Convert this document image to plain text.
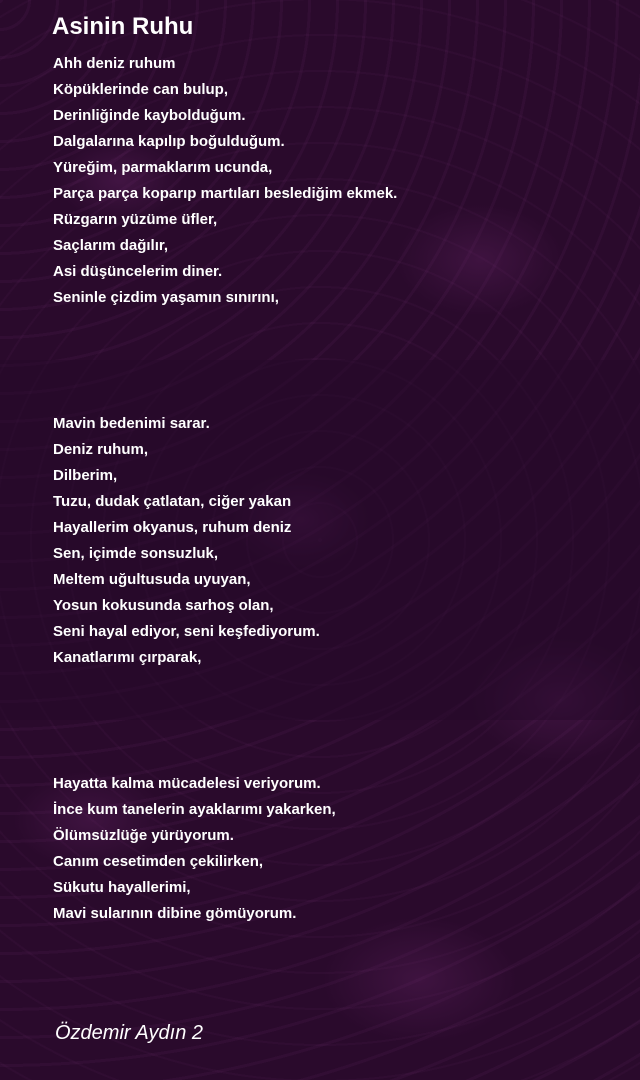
Asinin Ruhu
Ahh deniz ruhum
Köpüklerinde can bulup,
Derinliğinde kaybolduğum.
Dalgalarına kapılıp boğulduğum.
Yüreğim, parmaklarım ucunda,
Parça parça koparıp martıları beslediğim ekmek.
Rüzgarın yüzüme üfler,
Saçlarım dağılır,
Asi düşüncelerim diner.
Seninle çizdim yaşamın sınırını,
Mavin bedenimi sarar.
Deniz ruhum,
Dilberim,
Tuzu, dudak çatlatan, ciğer yakan
Hayallerim okyanus, ruhum deniz
Sen, içimde sonsuzluk,
Meltem uğultusuda uyuyan,
Yosun kokusunda sarhoş olan,
Seni hayal ediyor, seni keşfediyorum.
Kanatlarımı çırparak,
Hayatta kalma mücadelesi veriyorum.
İnce kum tanelerin ayaklarımı yakarken,
Ölümsüzlüğe yürüyorum.
Canım cesetimden çekilirken,
Sükutu hayallerimi,
Mavi sularının dibine gömüyorum.
Özdemir Aydın 2
